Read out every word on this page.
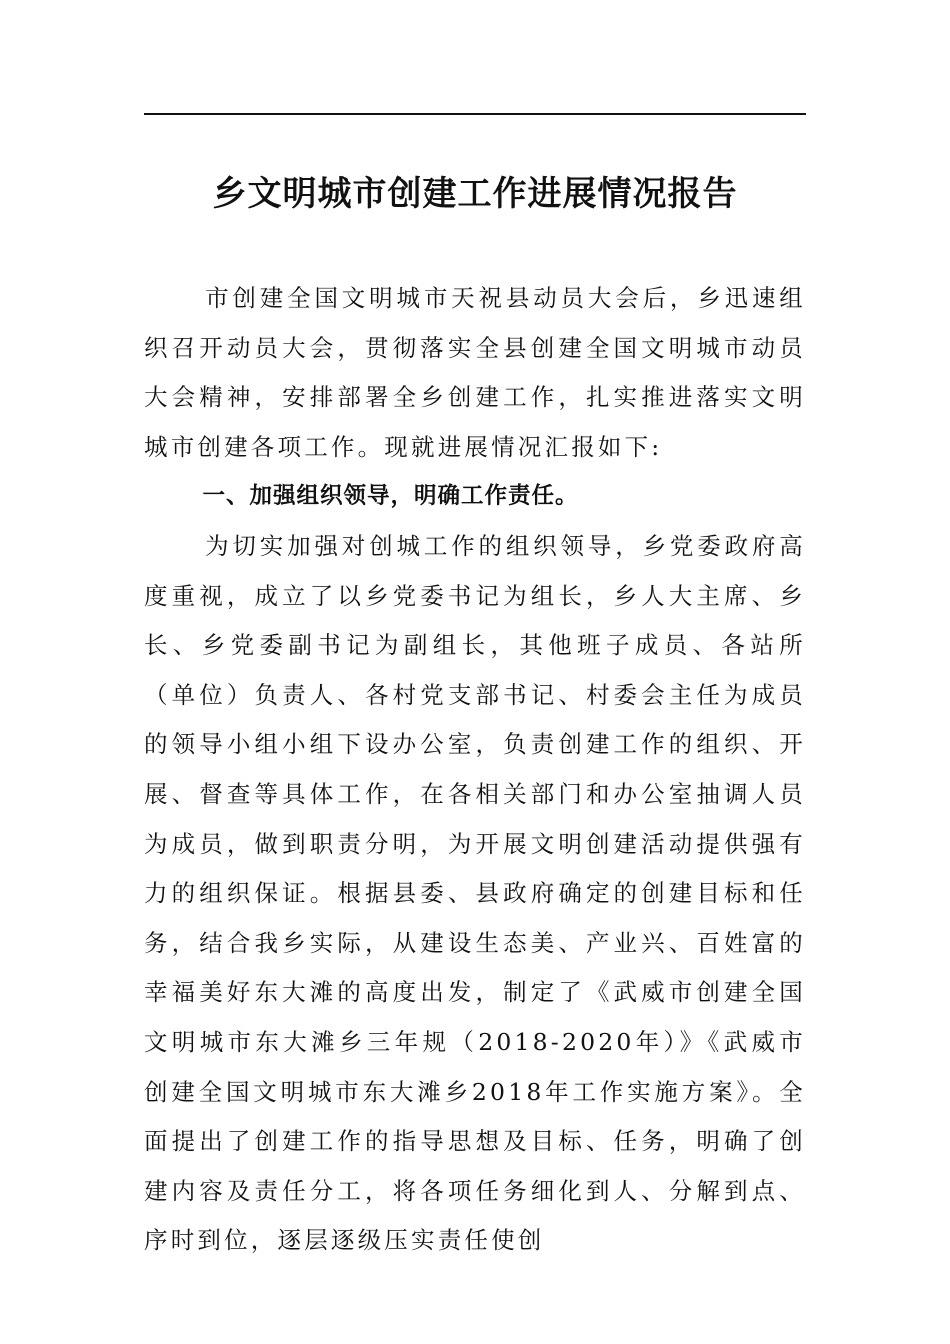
乡文明城市创建工作进展情况报告

市创建全国文明城市天祝县动员大会后，乡迅速组织召开动员大会，贯彻落实全县创建全国文明城市动员大会精神，安排部署全乡创建工作，扎实推进落实文明城市创建各项工作。现就进展情况汇报如下:

一、加强组织领导，明确工作责任。

为切实加强对创城工作的组织领导，乡党委政府高度重视，成立了以乡党委书记为组长，乡人大主席、乡长、乡党委副书记为副组长，其他班子成员、各站所（单位）负责人、各村党支部书记、村委会主任为成员的领导小组小组下设办公室，负责创建工作的组织、开展、督查等具体工作，在各相关部门和办公室抽调人员为成员，做到职责分明，为开展文明创建活动提供强有力的组织保证。根据县委、县政府确定的创建目标和任务，结合我乡实际，从建设生态美、产业兴、百姓富的幸福美好东大滩的高度出发，制定了《武威市创建全国文明城市东大滩乡三年规（2018-2020年）》《武威市创建全国文明城市东大滩乡2018年工作实施方案》。全面提出了创建工作的指导思想及目标、任务，明确了创建内容及责任分工，将各项任务细化到人、分解到点、序时到位，逐层逐级压实责任使创
